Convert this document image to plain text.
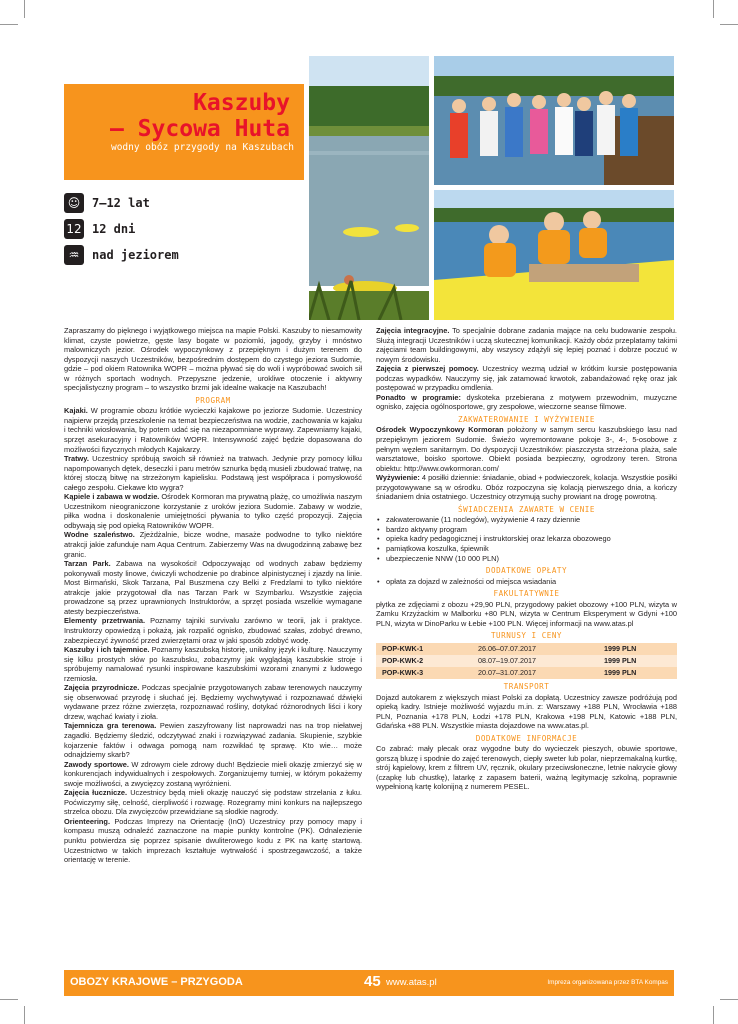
Kaszuby
– Sycowa Huta
wodny obóz przygody na Kaszubach
☺ 7–12 lat
12 12 dni
♒	nad jeziorem

Zapraszamy do pięknego i wyjątkowego miejsca na mapie Polski. Kaszuby to niesamowity klimat, czyste powietrze, gęste lasy bogate w poziomki, jagody, grzyby i mnóstwo malowniczych jezior. Ośrodek wypoczynkowy z przepięknym i dużym terenem do dyspozycji naszych Uczestników, bezpośrednim dostępem do czystego jeziora Sudomie, gdzie – pod okiem Ratownika WOPR – można pływać się do woli i wypróbować swoich sił w różnych sportach wodnych. Przepyszne jedzenie, urokliwe otoczenie i aktywny specjalistyczny program – to wszystko brzmi jak idealne wakacje na Kaszubach!

PROGRAM

Kajaki. W programie obozu krótkie wycieczki kajakowe po jeziorze Sudomie. Uczestnicy najpierw przejdą przeszkolenie na temat bezpieczeństwa na wodzie, zachowania w kajaku i techniki wiosłowania, by potem udać się na niezapomniane wyprawy. Zapewniamy kajaki, sprzęt asekuracyjny i Ratowników WOPR. Intensywność zajęć będzie dopasowana do możliwości fizycznych młodych Kajakarzy.

Tratwy. Uczestnicy spróbują swoich sił również na tratwach. Jedynie przy pomocy kilku napompowanych dętek, deseczki i paru metrów sznurka będą musieli zbudować tratwę, na której stoczą bitwę na strzeżonym kąpielisku. Podstawą jest współpraca i pomysłowość całego zespołu. Ciekawe kto wygra?

Kąpiele i zabawa w wodzie. Ośrodek Kormoran ma prywatną plażę, co umożliwia naszym Uczestnikom nieograniczone korzystanie z uroków jeziora Sudomie. Zabawy w wodzie, piłka wodna i doskonalenie umiejętności pływania to tylko część propozycji. Zajęcia odbywają się pod opieką Ratowników WOPR.

Wodne szaleństwo. Zjeżdżalnie, bicze wodne, masaże podwodne to tylko niektóre atrakcji jakie zafunduje nam Aqua Centrum. Zabierzemy Was na dwugodzinną zabawę bez granic.

Tarzan Park. Zabawa na wysokości! Odpoczywając od wodnych zabaw będziemy pokonywali mosty linowe, ćwiczyli wchodzenie po drabince alpinistycznej i zjazdy na linie. Most Birmański, Skok Tarzana, Pal Buszmena czy Belki z Fredzlami to tylko niektóre atrakcje jakie przygotował dla nas Tarzan Park w Szymbarku. Wszystkie zajęcia prowadzone są przez uprawnionych Instruktorów, a sprzęt posiada wszelkie wymagane atesty bezpieczeństwa.

Elementy przetrwania. Poznamy tajniki survivalu zarówno w teorii, jak i praktyce. Instruktorzy opowiedzą i pokażą, jak rozpalić ognisko, zbudować szałas, zdobyć drewno, zabezpieczyć żywność przed zwierzętami oraz w jaki sposób zdobyć wodę.

Kaszuby i ich tajemnice. Poznamy kaszubską historię, unikalny język i kulturę. Nauczymy się kilku prostych słów po kaszubsku, zobaczymy jak wyglądają kaszubskie stroje i spróbujemy namalować rysunki inspirowane kaszubskimi wzorami znanymi z ludowego rzemiosła.

Zajęcia przyrodnicze. Podczas specjalnie przygotowanych zabaw terenowych nauczymy się obserwować przyrodę i słuchać jej. Będziemy wychwytywać i rozpoznawać dźwięki wydawane przez różne zwierzęta, rozpoznawać rośliny, dotykać różnorodnych liści i kory drzew, wąchać kwiaty i zioła.

Tajemnicza gra terenowa. Pewien zaszyfrowany list naprowadzi nas na trop niełatwej zagadki. Będziemy śledzić, odczytywać znaki i rozwiązywać zadania. Skupienie, szybkie kojarzenie faktów i odwaga pomogą nam rozwikłać tę sprawę. Kto wie… może odnajdziemy skarb?

Zawody sportowe. W zdrowym ciele zdrowy duch! Będziecie mieli okazję zmierzyć się w konkurencjach indywidualnych i zespołowych. Zorganizujemy turniej, w którym pokażemy swoje możliwości, a zwycięzcy zostaną wyróżnieni.

Zajęcia łucznicze. Uczestnicy będą mieli okazję nauczyć się podstaw strzelania z łuku. Poćwiczymy siłę, celność, cierpliwość i rozwagę. Rozegramy mini konkurs na najlepszego strzelca obozu. Dla zwycięzców przewidziane są słodkie nagrody.

Orienteering. Podczas Imprezy na Orientację (InO) Uczestnicy przy pomocy mapy i kompasu muszą odnaleźć zaznaczone na mapie punkty kontrolne (PK). Odnalezienie punktu potwierdza się poprzez spisanie dwuliterowego kodu z PK na kartę startową. Uczestnictwo w takich imprezach kształtuje wytrwałość i spostrzegawczość, a także orientację w terenie.

Zajęcia integracyjne. To specjalnie dobrane zadania mające na celu budowanie zespołu. Służą integracji Uczestników i uczą skutecznej komunikacji. Każdy obóz przeplatamy takimi zajęciami team buildingowymi, aby wszyscy zdążyli się lepiej poznać i dobrze poczuć w nowym środowisku.

Zajęcia z pierwszej pomocy. Uczestnicy wezmą udział w krótkim kursie postępowania podczas wypadków. Nauczymy się, jak zatamować krwotok, zabandażować rękę oraz jak postępować w przypadku omdlenia.

Ponadto w programie: dyskoteka przebierana z motywem przewodnim, muzyczne ognisko, zajęcia ogólnosportowe, gry zespołowe, wieczorne seanse filmowe.

ZAKWATEROWANIE I WYŻYWIENIE

Ośrodek Wypoczynkowy Kormoran położony w samym sercu kaszubskiego lasu nad przepięknym jeziorem Sudomie. Świeżo wyremontowane pokoje 3-, 4-, 5-osobowe z pełnym węzłem sanitarnym. Do dyspozycji Uczestników: piaszczysta strzeżona plaża, sale warsztatowe, boisko sportowe. Obiekt posiada bezpieczny, ogrodzony teren. Strona obiektu: http://www.owkormoran.com/

Wyżywienie: 4 posiłki dziennie: śniadanie, obiad + podwieczorek, kolacja. Wszystkie posiłki przygotowywane są w ośrodku. Obóz rozpoczyna się kolacją pierwszego dnia, a kończy śniadaniem dnia ostatniego. Uczestnicy otrzymują suchy prowiant na drogę powrotną.

ŚWIADCZENIA ZAWARTE W CENIE
• zakwaterowanie (11 noclegów), wyżywienie 4 razy dziennie
• bardzo aktywny program
• opieka kadry pedagogicznej i instruktorskiej oraz lekarza obozowego
• pamiątkowa koszulka, śpiewnik
• ubezpieczenie NNW (10 000 PLN)
DODATKOWE OPŁATY
• opłata za dojazd w zależności od miejsca wsiadania
FAKULTATYWNIE

płytka ze zdjęciami z obozu +29,90 PLN, przygodowy pakiet obozowy +100 PLN, wizyta w Zamku Krzyżackim w Malborku +80 PLN, wizyta w Centrum Eksperyment w Gdyni +100 PLN, wizyta w DinoParku w Łebie +100 PLN. Więcej informacji na www.atas.pl

TURNUSY I CENY
POP-KWK-1	26.06–07.07.2017	1999 PLN
POP-KWK-2	08.07–19.07.2017	1999 PLN
POP-KWK-3	20.07–31.07.2017	1999 PLN
TRANSPORT

Dojazd autokarem z większych miast Polski za dopłatą. Uczestnicy zawsze podróżują pod opieką kadry. Istnieje możliwość wyjazdu m.in. z: Warszawy +188 PLN, Wrocławia +188 PLN, Poznania +178 PLN, Łodzi +178 PLN, Krakowa +198 PLN, Katowic +188 PLN, Gdańska +88 PLN. Wszystkie miasta dojazdowe na www.atas.pl.

DODATKOWE INFORMACJE

Co zabrać: mały plecak oraz wygodne buty do wycieczek pieszych, obuwie sportowe, gorszą bluzę i spodnie do zajęć terenowych, ciepły sweter lub polar, nieprzemakalną kurtkę, strój kąpielowy, krem z filtrem UV, ręcznik, okulary przeciwsłoneczne, letnie nakrycie głowy (czapkę lub chustkę), latarkę z zapasem baterii, ważną legitymację szkolną, poprawnie wypełnioną kartę kolonijną z numerem PESEL.

OBOZY KRAJOWE – PRZYGODA	45 www.atas.pl	Impreza organizowana przez BTA Kompas
